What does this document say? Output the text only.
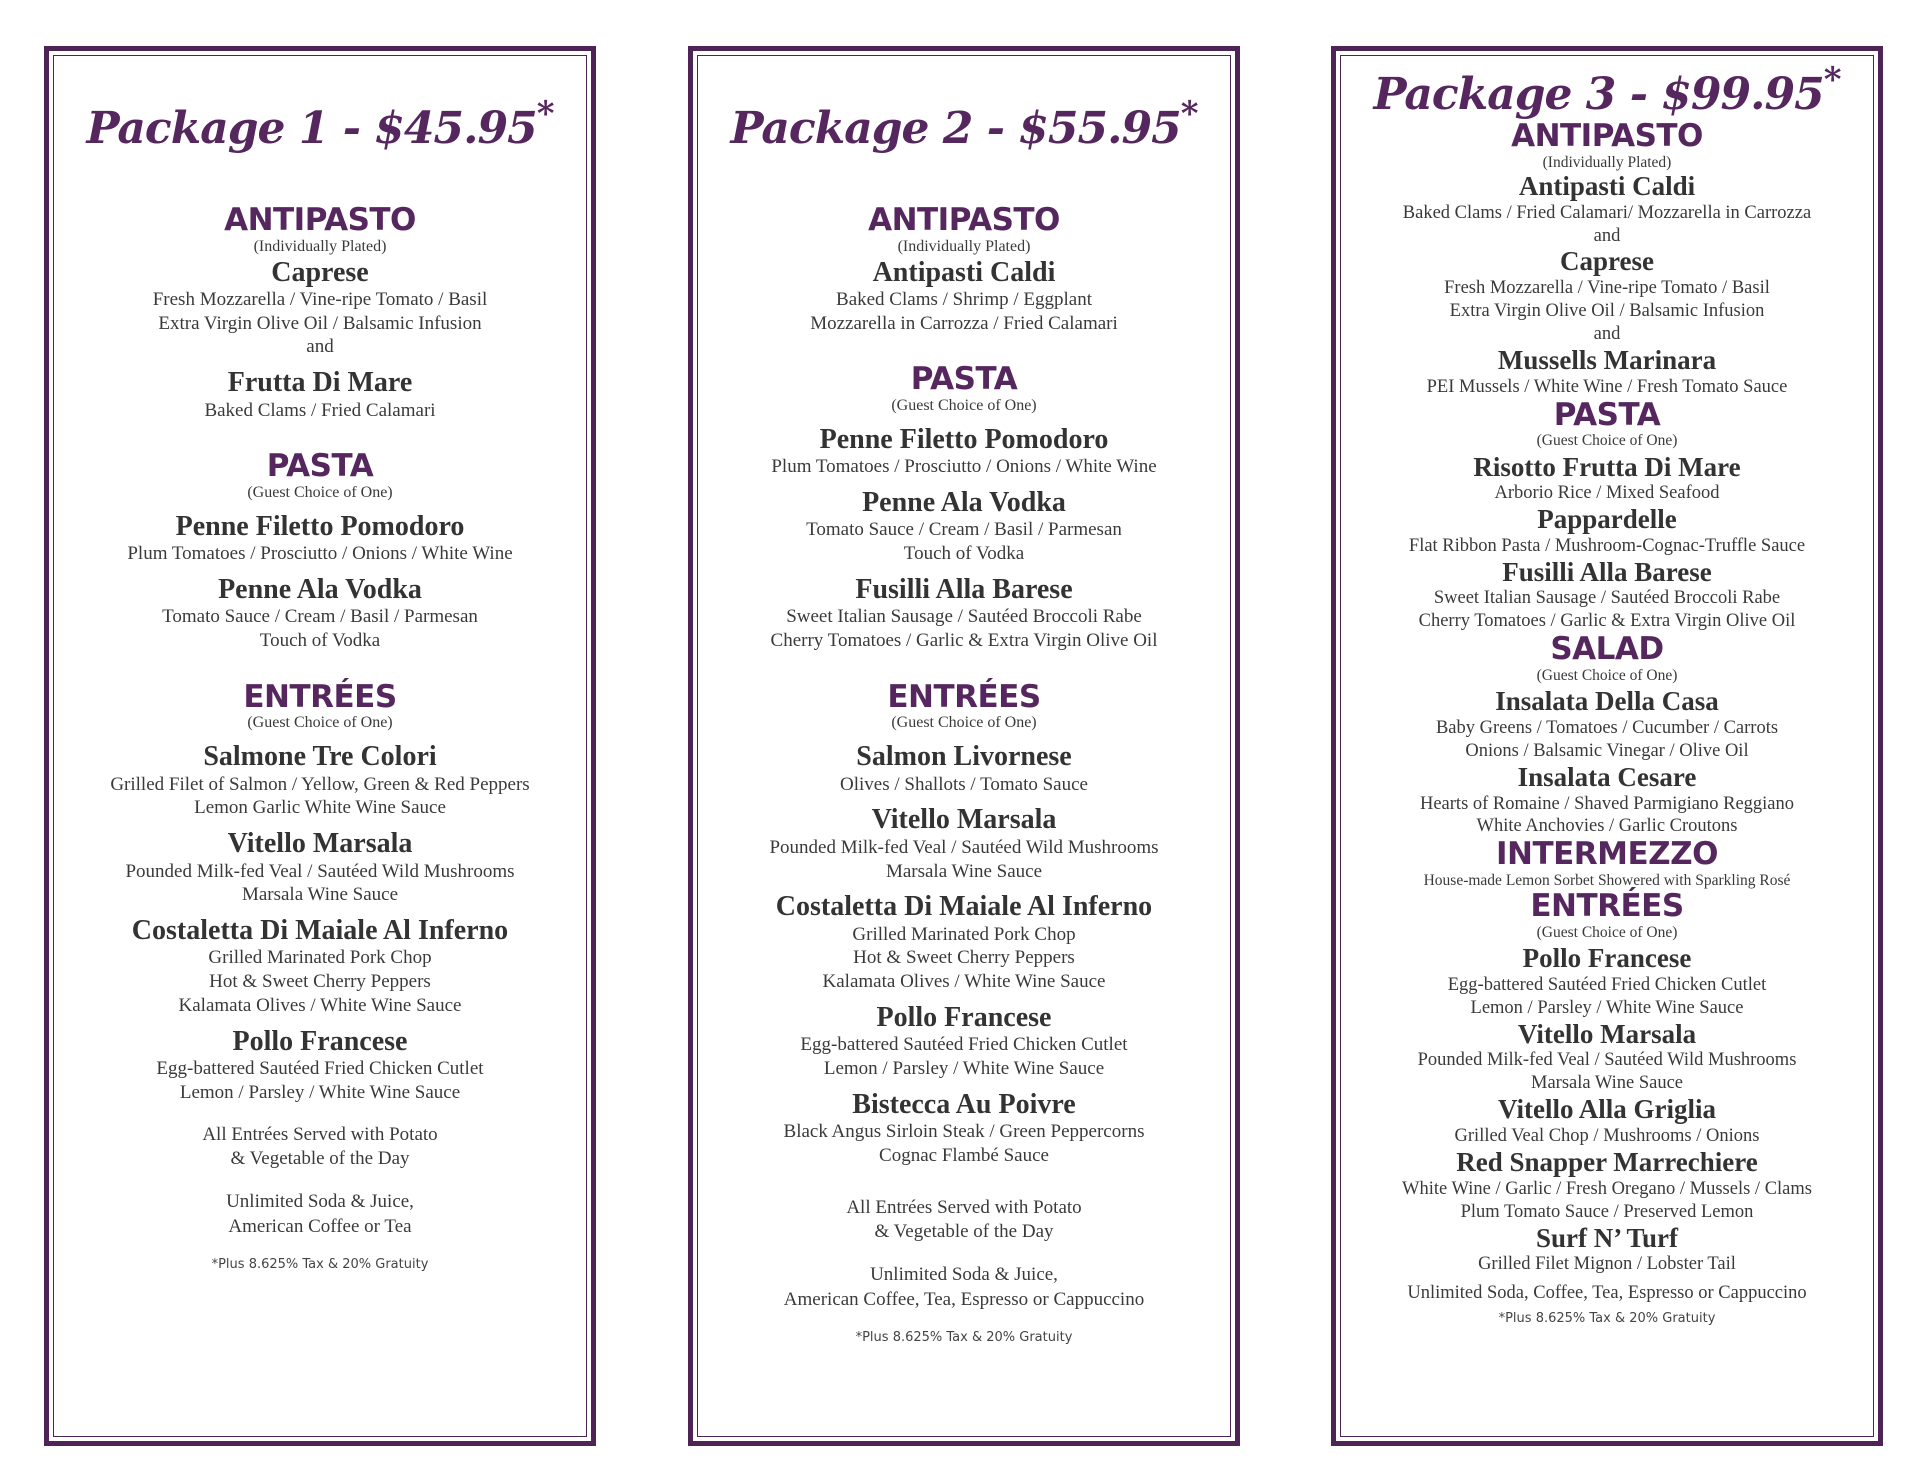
Package 1 - $45.95*
ANTIPASTO
(Individually Plated)
Caprese
Fresh Mozzarella / Vine-ripe Tomato / Basil
Extra Virgin Olive Oil / Balsamic Infusion
and
Frutta Di Mare
Baked Clams / Fried Calamari
PASTA
(Guest Choice of One)
Penne Filetto Pomodoro
Plum Tomatoes / Prosciutto / Onions / White Wine
Penne Ala Vodka
Tomato Sauce / Cream / Basil / Parmesan
Touch of Vodka
ENTRÉES
(Guest Choice of One)
Salmone Tre Colori
Grilled Filet of Salmon / Yellow, Green & Red Peppers
Lemon Garlic White Wine Sauce
Vitello Marsala
Pounded Milk-fed Veal / Sautéed Wild Mushrooms
Marsala Wine Sauce
Costaletta Di Maiale Al Inferno
Grilled Marinated Pork Chop
Hot & Sweet Cherry Peppers
Kalamata Olives / White Wine Sauce
Pollo Francese
Egg-battered Sautéed Fried Chicken Cutlet
Lemon / Parsley / White Wine Sauce
All Entrées Served with Potato
& Vegetable of the Day
Unlimited Soda & Juice,
American Coffee or Tea
*Plus 8.625% Tax & 20% Gratuity
Package 2 - $55.95*
ANTIPASTO
(Individually Plated)
Antipasti Caldi
Baked Clams / Shrimp / Eggplant
Mozzarella in Carrozza / Fried Calamari
PASTA
(Guest Choice of One)
Penne Filetto Pomodoro
Plum Tomatoes / Prosciutto / Onions / White Wine
Penne Ala Vodka
Tomato Sauce / Cream / Basil / Parmesan
Touch of Vodka
Fusilli Alla Barese
Sweet Italian Sausage / Sautéed Broccoli Rabe
Cherry Tomatoes / Garlic & Extra Virgin Olive Oil
ENTRÉES
(Guest Choice of One)
Salmon Livornese
Olives / Shallots / Tomato Sauce
Vitello Marsala
Pounded Milk-fed Veal / Sautéed Wild Mushrooms
Marsala Wine Sauce
Costaletta Di Maiale Al Inferno
Grilled Marinated Pork Chop
Hot & Sweet Cherry Peppers
Kalamata Olives / White Wine Sauce
Pollo Francese
Egg-battered Sautéed Fried Chicken Cutlet
Lemon / Parsley / White Wine Sauce
Bistecca Au Poivre
Black Angus Sirloin Steak / Green Peppercorns
Cognac Flambé Sauce
All Entrées Served with Potato
& Vegetable of the Day
Unlimited Soda & Juice,
American Coffee, Tea, Espresso or Cappuccino
*Plus 8.625% Tax & 20% Gratuity
Package 3 - $99.95*
ANTIPASTO
(Individually Plated)
Antipasti Caldi
Baked Clams / Fried Calamari/ Mozzarella in Carrozza
and
Caprese
Fresh Mozzarella / Vine-ripe Tomato / Basil
Extra Virgin Olive Oil / Balsamic Infusion
and
Mussells Marinara
PEI Mussels / White Wine / Fresh Tomato Sauce
PASTA
(Guest Choice of One)
Risotto Frutta Di Mare
Arborio Rice / Mixed Seafood
Pappardelle
Flat Ribbon Pasta / Mushroom-Cognac-Truffle Sauce
Fusilli Alla Barese
Sweet Italian Sausage / Sautéed Broccoli Rabe
Cherry Tomatoes / Garlic & Extra Virgin Olive Oil
SALAD
(Guest Choice of One)
Insalata Della Casa
Baby Greens / Tomatoes / Cucumber / Carrots
Onions / Balsamic Vinegar / Olive Oil
Insalata Cesare
Hearts of Romaine / Shaved Parmigiano Reggiano
White Anchovies / Garlic Croutons
INTERMEZZO
House-made Lemon Sorbet Showered with Sparkling Rosé
ENTRÉES
(Guest Choice of One)
Pollo Francese
Egg-battered Sautéed Fried Chicken Cutlet
Lemon / Parsley / White Wine Sauce
Vitello Marsala
Pounded Milk-fed Veal / Sautéed Wild Mushrooms
Marsala Wine Sauce
Vitello Alla Griglia
Grilled Veal Chop / Mushrooms / Onions
Red Snapper Marrechiere
White Wine / Garlic / Fresh Oregano / Mussels / Clams
Plum Tomato Sauce / Preserved Lemon
Surf N’ Turf
Grilled Filet Mignon / Lobster Tail
Unlimited Soda, Coffee, Tea, Espresso or Cappuccino
*Plus 8.625% Tax & 20% Gratuity
